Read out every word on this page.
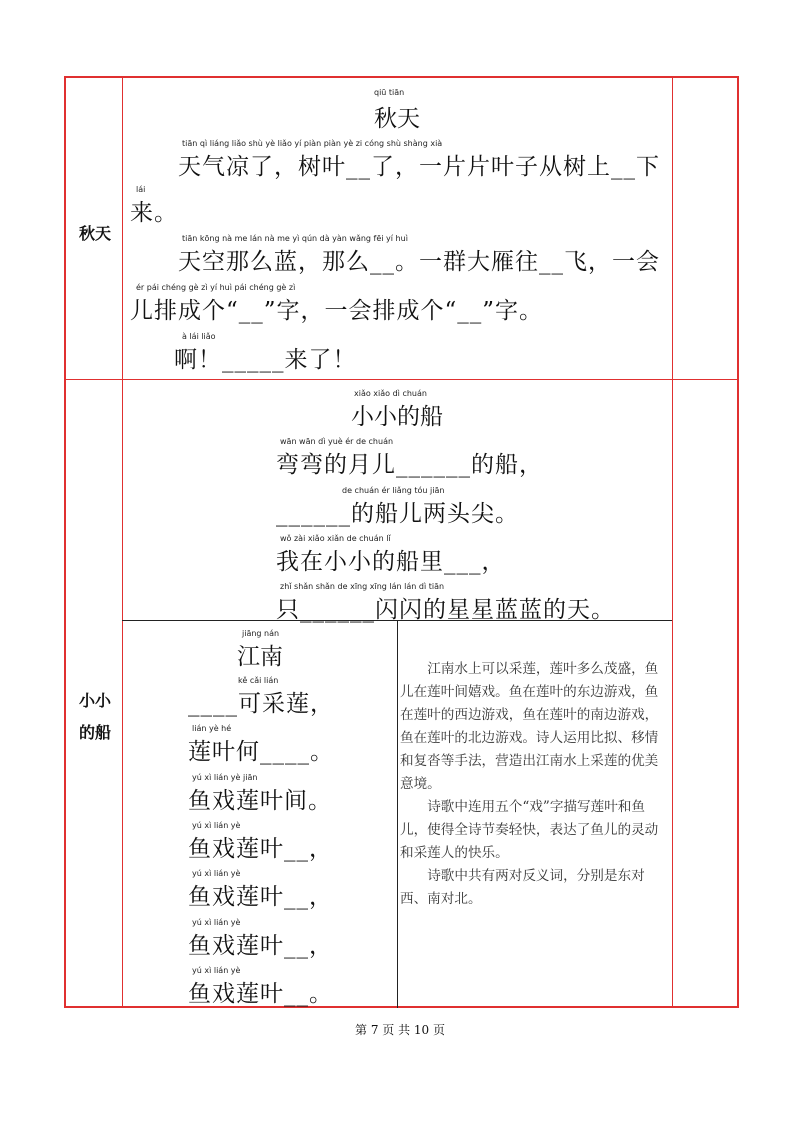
秋天
小小
的船
qiū tiān
秋天
tiān qì liáng liǎo shù yè liǎo yí piàn piàn yè zi cóng shù shàng xià
天气凉了，树叶__了，一片片叶子从树上__下
lái
来。
tiān kōng nà me lán nà me yì qún dà yàn wǎng fēi yí huì
天空那么蓝，那么__。一群大雁往__飞，一会
ér pái chéng gè zì yí huì pái chéng gè zì
儿排成个“__”字，一会排成个“__”字。
à lái liǎo
啊！_____来了！
xiǎo xiǎo dì chuán
小小的船
wān wān dì yuè ér de chuán
弯弯的月儿______的船，
de chuán ér liǎng tóu jiān
______的船儿两头尖。
wǒ zài xiǎo xiǎn de chuán lǐ
我在小小的船里___，
zhǐ shǎn shǎn de xīng xīng lán lán dì tiān
只______闪闪的星星蓝蓝的天。
jiāng nán
江南
kě cǎi lián
____可采莲，
lián yè hé
莲叶何____。
yú xì lián yè jiān
鱼戏莲叶间。
yú xì lián yè
鱼戏莲叶__，
yú xì lián yè
鱼戏莲叶__，
yú xì lián yè
鱼戏莲叶__，
yú xì lián yè
鱼戏莲叶__。

江南水上可以采莲，莲叶多么茂盛，鱼儿在莲叶间嬉戏。鱼在莲叶的东边游戏，鱼在莲叶的西边游戏，鱼在莲叶的南边游戏，鱼在莲叶的北边游戏。诗人运用比拟、移情和复沓等手法，营造出江南水上采莲的优美意境。

诗歌中连用五个“戏”字描写莲叶和鱼儿，使得全诗节奏轻快，表达了鱼儿的灵动和采莲人的快乐。

诗歌中共有两对反义词，分别是东对西、南对北。

第 7 页 共 10 页
